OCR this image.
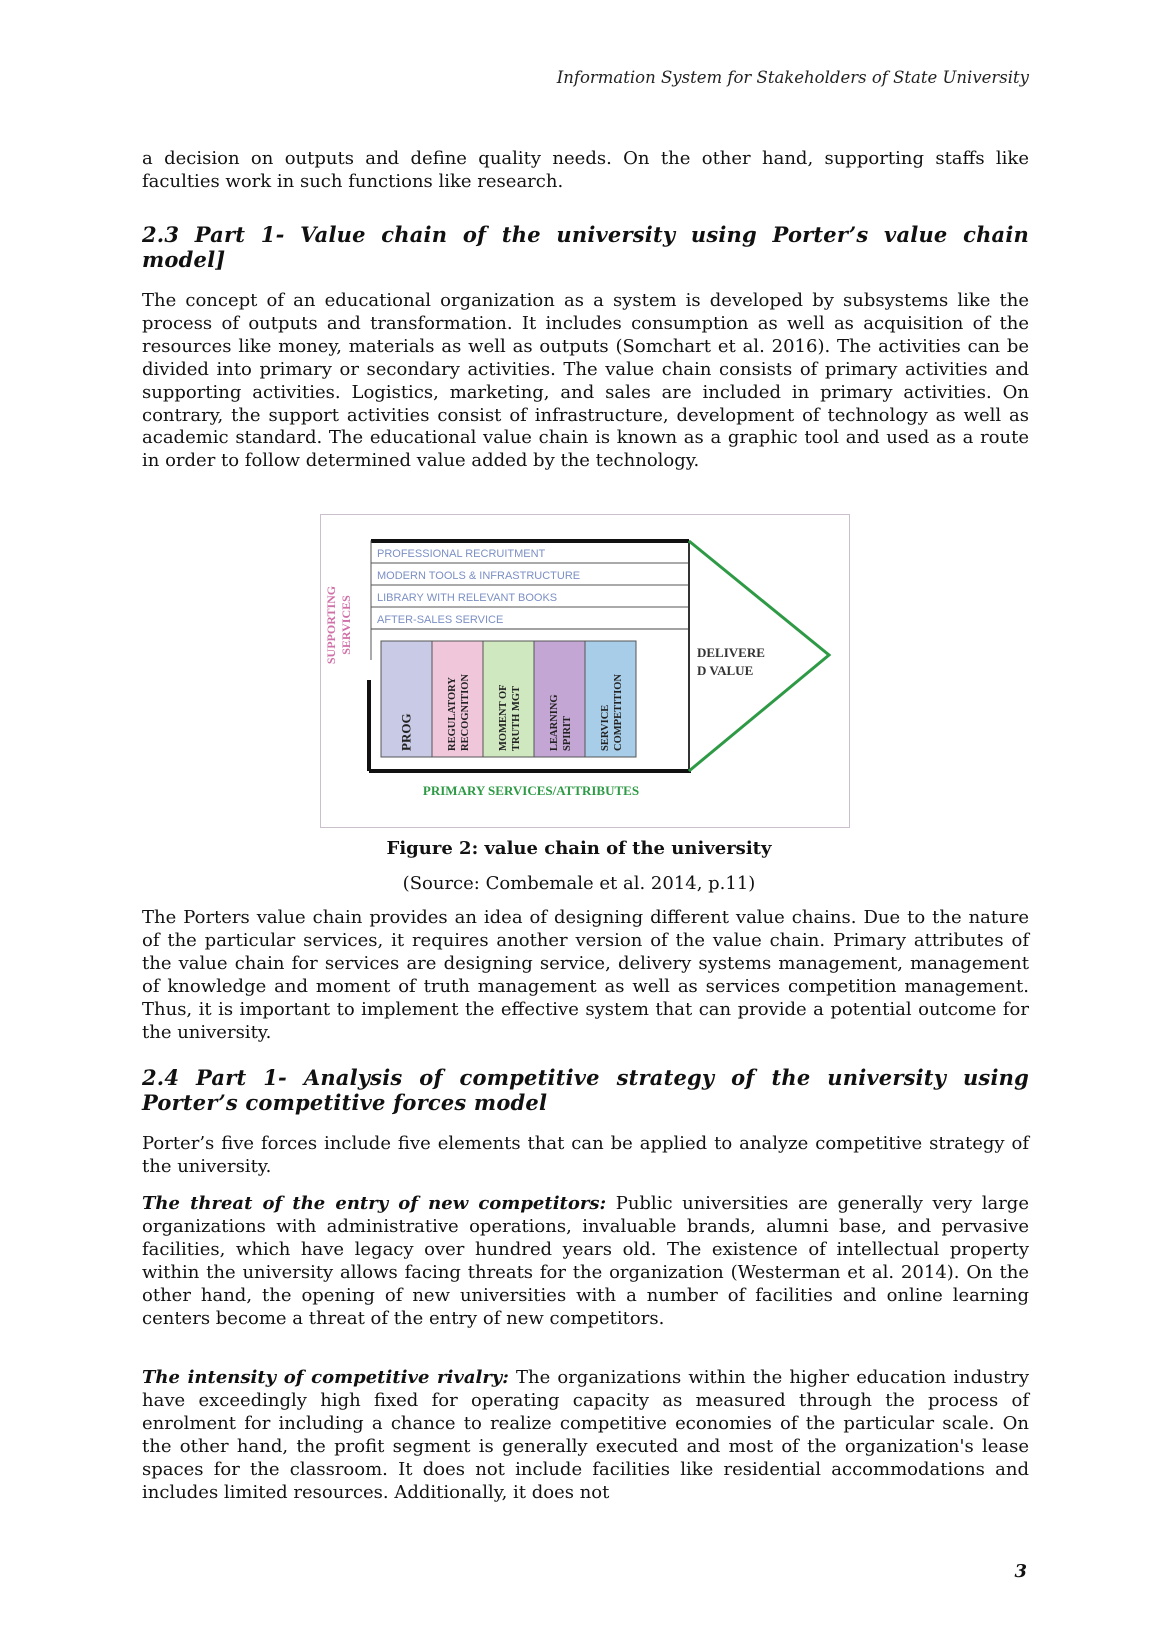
Information System for Stakeholders of State University

a decision on outputs and define quality needs. On the other hand, supporting staffs like faculties work in such functions like research.

2.3 Part 1- Value chain of the university using Porter’s value chain model]

The concept of an educational organization as a system is developed by subsystems like the process of outputs and transformation. It includes consumption as well as acquisition of the resources like money, materials as well as outputs (Somchart et al. 2016). The activities can be divided into primary or secondary activities. The value chain consists of primary activities and supporting activities. Logistics, marketing, and sales are included in primary activities. On contrary, the support activities consist of infrastructure, development of technology as well as academic standard. The educational value chain is known as a graphic tool and used as a route in order to follow determined value added by the technology.

SUPPORTING SERVICES
PROFESSIONAL RECRUITMENT
MODERN TOOLS & INFRASTRUCTURE
LIBRARY WITH RELEVANT BOOKS
AFTER-SALES SERVICE
PROG	REGULATORY RECOGNITION	MOMENT OF TRUTH MGT	LEARNING SPIRIT	SERVICE COMPETITION
DELIVERE
D VALUE
PRIMARY SERVICES/ATTRIBUTES
Figure 2: value chain of the university
(Source: Combemale et al. 2014, p.11)

The Porters value chain provides an idea of designing different value chains. Due to the nature of the particular services, it requires another version of the value chain. Primary attributes of the value chain for services are designing service, delivery systems management, management of knowledge and moment of truth management as well as services competition management. Thus, it is important to implement the effective system that can provide a potential outcome for the university.

2.4 Part 1- Analysis of competitive strategy of the university using Porter’s competitive forces model

Porter’s five forces include five elements that can be applied to analyze competitive strategy of the university.

The threat of the entry of new competitors: Public universities are generally very large organizations with administrative operations, invaluable brands, alumni base, and pervasive facilities, which have legacy over hundred years old. The existence of intellectual property within the university allows facing threats for the organization (Westerman et al. 2014). On the other hand, the opening of new universities with a number of facilities and online learning centers become a threat of the entry of new competitors.

The intensity of competitive rivalry: The organizations within the higher education industry have exceedingly high fixed for operating capacity as measured through the process of enrolment for including a chance to realize competitive economies of the particular scale. On the other hand, the profit segment is generally executed and most of the organization's lease spaces for the classroom. It does not include facilities like residential accommodations and includes limited resources. Additionally, it does not

3
